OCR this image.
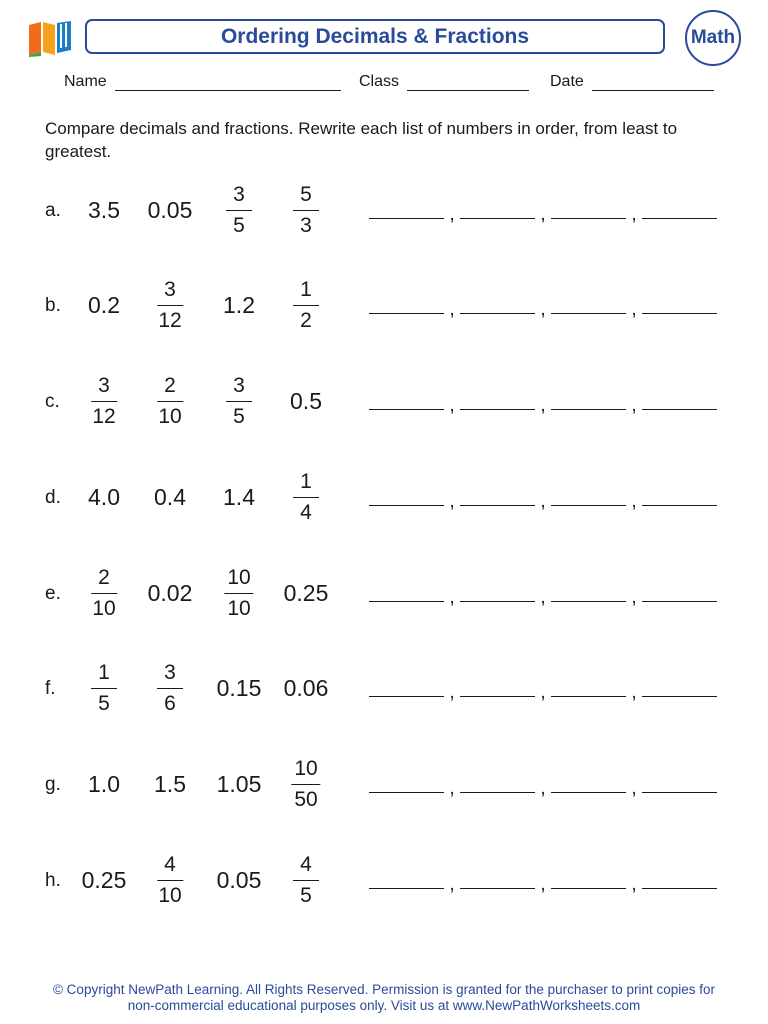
Ordering Decimals & Fractions	Math
Name	Class	Date
Compare decimals and fractions. Rewrite each list of numbers in order, from least to greatest.
a. 3.5 $0.05 \frac{3}{5} \frac{5}{3}$	,	,	,
b. $0.2 \frac{3}{12} 1.2 \frac{1}{2}$	,	,	,
c. $\frac{3}{12} \frac{2}{10} \frac{3}{5} 0.5$	,	,	,
d. 4.0 0.4 $1.4 \frac{1}{4}$	,	,	,
e. $\frac{2}{10} 0.02 \frac{10}{10} 0.25$	,	,	,
f. $\frac{1}{5} \frac{3}{6} 0.15$ 0.06	,	,	,
g. 1.0 1.5 $1.05 \frac{10}{50}$	,	,	,
h. $0.25 \frac{4}{10} 0.05 \frac{4}{5}$	,	,	,
© Copyright NewPath Learning. All Rights Reserved. Permission is granted for the purchaser to print copies for
non-commercial educational purposes only. Visit us at www.NewPathWorksheets.com
